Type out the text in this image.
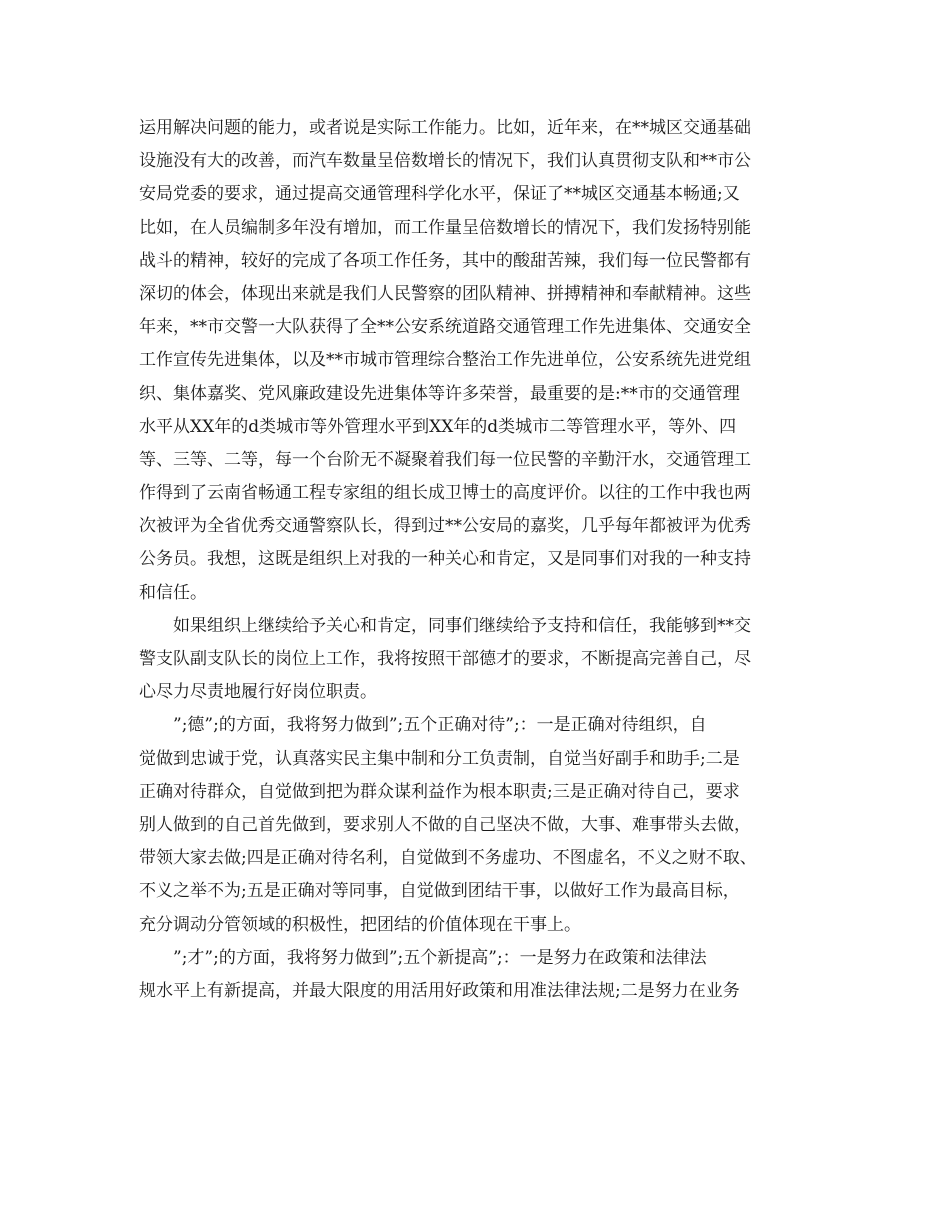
运用解决问题的能力，或者说是实际工作能力。比如，近年来，在**城区交通基础
设施没有大的改善，而汽车数量呈倍数增长的情况下，我们认真贯彻支队和**市公
安局党委的要求，通过提高交通管理科学化水平，保证了**城区交通基本畅通;又
比如，在人员编制多年没有增加，而工作量呈倍数增长的情况下，我们发扬特别能
战斗的精神，较好的完成了各项工作任务，其中的酸甜苦辣，我们每一位民警都有
深切的体会，体现出来就是我们人民警察的团队精神、拼搏精神和奉献精神。这些
年来，**市交警一大队获得了全**公安系统道路交通管理工作先进集体、交通安全
工作宣传先进集体，以及**市城市管理综合整治工作先进单位，公安系统先进党组
织、集体嘉奖、党风廉政建设先进集体等许多荣誉，最重要的是:**市的交通管理
水平从XX年的d类城市等外管理水平到XX年的d类城市二等管理水平，等外、四
等、三等、二等，每一个台阶无不凝聚着我们每一位民警的辛勤汗水，交通管理工
作得到了云南省畅通工程专家组的组长成卫博士的高度评价。以往的工作中我也两
次被评为全省优秀交通警察队长，得到过**公安局的嘉奖，几乎每年都被评为优秀
公务员。我想，这既是组织上对我的一种关心和肯定，又是同事们对我的一种支持
和信任。
如果组织上继续给予关心和肯定，同事们继续给予支持和信任，我能够到**交
警支队副支队长的岗位上工作，我将按照干部德才的要求，不断提高完善自己，尽
心尽力尽责地履行好岗位职责。
”;德”;的方面，我将努力做到”;五个正确对待”;：一是正确对待组织，自
觉做到忠诚于党，认真落实民主集中制和分工负责制，自觉当好副手和助手;二是
正确对待群众，自觉做到把为群众谋利益作为根本职责;三是正确对待自己，要求
别人做到的自己首先做到，要求别人不做的自己坚决不做，大事、难事带头去做，
带领大家去做;四是正确对待名利，自觉做到不务虚功、不图虚名，不义之财不取、
不义之举不为;五是正确对等同事，自觉做到团结干事，以做好工作为最高目标，
充分调动分管领域的积极性，把团结的价值体现在干事上。
”;才”;的方面，我将努力做到”;五个新提高”;：一是努力在政策和法律法
规水平上有新提高，并最大限度的用活用好政策和用准法律法规;二是努力在业务
